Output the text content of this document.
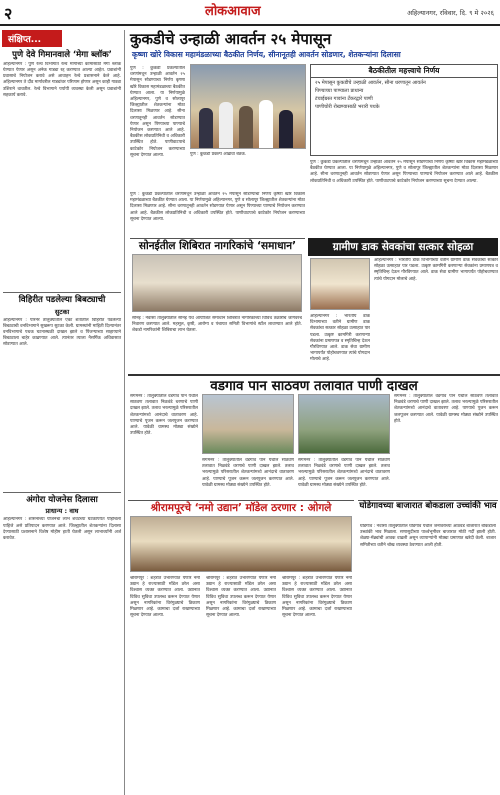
२	लोकआवाज	अहिल्यानगर, रविवार, दि. ९ मे २०२६
संक्षिप्त...
पुणे देवे गिमानवाले ‘मेगा ब्लॉक’
अहिल्यानगर : पुणे रेल्वे विभागात रेल्वे मार्गाच्या कामासाठी मेगा ब्लॉक घेण्यात येणार असून अनेक गाड्या रद्द करण्यात आल्या आहेत. प्रवाशांनी प्रवासाचे नियोजन करावे असे आवाहन रेल्वे प्रशासनाने केले आहे. अहिल्यानगर ते दौंड मार्गावरील गाड्यांवर परिणाम होणार असून काही गाड्या उशिराने धावतील. रेल्वे विभागाने पर्यायी व्यवस्था केली असून प्रवाशांनी सहकार्य करावे.
विहिरीत पडलेल्या बिबट्याची
सुटका
अहिल्यानगर : पारनेर तालुक्यातील एका शेतातील विहिरीत पडलेल्या बिबट्याची वनविभागाने सुखरूप सुटका केली. ग्रामस्थांनी माहिती दिल्यानंतर वनविभागाचे पथक घटनास्थळी दाखल झाले व पिंजऱ्याच्या साहाय्याने बिबट्याला बाहेर काढण्यात आले. त्यानंतर त्याला नैसर्गिक अधिवासात सोडण्यात आले.
अंगोरा योजनेस दिलासा
प्राधान्य : वाघ
अहिल्यानगर : शासनाच्या योजनेचा लाभ शेवटच्या घटकापर्यंत पोहोचला पाहिजे असे प्रतिपादन करण्यात आले. जिल्ह्यातील शेतकऱ्यांना दिलासा देण्यासाठी प्रशासनाने विशेष मोहीम हाती घेतली असून लाभार्थ्यांनी अर्ज करावेत.
कुकडीचे उन्हाळी आवर्तन २५ मेपासून
कृष्णा खोरे विकास महामंडळाच्या बैठकीत निर्णय, सीनानूतही आवर्तन सोडणार, शेतकऱ्यांना दिलासा
पुणे : कुकडी प्रकल्पातील धरणांमधून उन्हाळी आवर्तन २५ मेपासून सोडण्याचा निर्णय कृष्णा खोरे विकास महामंडळाच्या बैठकीत घेण्यात आला. या निर्णयामुळे अहिल्यानगर, पुणे व सोलापूर जिल्ह्यातील शेतकऱ्यांना मोठा दिलासा मिळणार आहे. सीना धरणातूनही आवर्तन सोडण्यात येणार असून पिण्याच्या पाण्याचे नियोजन करण्यात आले आहे. बैठकीस लोकप्रतिनिधी व अधिकारी उपस्थित होते. पाणीवाटपाचे काटेकोर नियोजन करण्याच्या सूचना देण्यात आल्या.	पुणे : कुकडी प्रकल्प आढावा बैठक.
पुणे : कुकडी प्रकल्पातील धरणांमधून उन्हाळी आवर्तन २५ मेपासून सोडण्याचा निर्णय कृष्णा खोरे विकास महामंडळाच्या बैठकीत घेण्यात आला. या निर्णयामुळे अहिल्यानगर, पुणे व सोलापूर जिल्ह्यातील शेतकऱ्यांना मोठा दिलासा मिळणार आहे. सीना धरणातूनही आवर्तन सोडण्यात येणार असून पिण्याच्या पाण्याचे नियोजन करण्यात आले आहे. बैठकीस लोकप्रतिनिधी व अधिकारी उपस्थित होते. पाणीवाटपाचे काटेकोर नियोजन करण्याच्या सूचना देण्यात आल्या.
बैठकीतील महत्त्वाचे निर्णय
२५ मेपासून कुकडीचे उन्हाळी आवर्तन, सीना धरणातून आवर्तन
पिण्याच्या पाण्याला प्राधान्य
टंचाईग्रस्त गावांना टँकरद्वारे पाणी
पाणीचोरी रोखण्यासाठी भरारी पथके
पुणे : कुकडी प्रकल्पातील धरणांमधून उन्हाळी आवर्तन २५ मेपासून सोडण्याचा निर्णय कृष्णा खोरे विकास महामंडळाच्या बैठकीत घेण्यात आला. या निर्णयामुळे अहिल्यानगर, पुणे व सोलापूर जिल्ह्यातील शेतकऱ्यांना मोठा दिलासा मिळणार आहे. सीना धरणातूनही आवर्तन सोडण्यात येणार असून पिण्याच्या पाण्याचे नियोजन करण्यात आले आहे. बैठकीस लोकप्रतिनिधी व अधिकारी उपस्थित होते. पाणीवाटपाचे काटेकोर नियोजन करण्याच्या सूचना देण्यात आल्या.
सोनईतील शिबिरात नागरिकांचे ‘समाधान’
सोनई : नेवासा तालुक्यातील सोनई येथे आयोजित समाधान शिबिरात नागरिकांच्या विविध तक्रारींचे जागेवरच निवारण करण्यात आले. महसूल, कृषी, आरोग्य व पंचायत समिती विभागांचे स्टॉल लावण्यात आले होते. शेकडो नागरिकांनी शिबिराचा लाभ घेतला.
ग्रामीण डाक सेवकांचा सत्कार सोहळा
अहिल्यानगर : भारतीय डाक विभागाच्या वतीने ग्रामीण डाक सेवकांचा सत्कार सोहळा उत्साहात पार पडला. उत्कृष्ट कामगिरी करणाऱ्या सेवकांना प्रमाणपत्र व स्मृतिचिन्ह देऊन गौरविण्यात आले. डाक सेवा ग्रामीण भागापर्यंत पोहोचवण्यात त्यांचे योगदान मोलाचे आहे.
अहिल्यानगर : भारतीय डाक विभागाच्या वतीने ग्रामीण डाक सेवकांचा सत्कार सोहळा उत्साहात पार पडला. उत्कृष्ट कामगिरी करणाऱ्या सेवकांना प्रमाणपत्र व स्मृतिचिन्ह देऊन गौरविण्यात आले. डाक सेवा ग्रामीण भागापर्यंत पोहोचवण्यात त्यांचे योगदान मोलाचे आहे.
वडगाव पान साठवण तलावात पाणी दाखल
संगमनेर : तालुक्यातील वडगाव पान येथील साठवण तलावात निळवंडे धरणाचे पाणी दाखल झाले. तलाव भरल्यामुळे परिसरातील शेतकऱ्यांमध्ये आनंदाचे वातावरण आहे. पाण्याचे पूजन करून जलपूजन करण्यात आले. यावेळी ग्रामस्थ मोठ्या संख्येने उपस्थित होते.
संगमनेर : तालुक्यातील वडगाव पान येथील साठवण तलावात निळवंडे धरणाचे पाणी दाखल झाले. तलाव भरल्यामुळे परिसरातील शेतकऱ्यांमध्ये आनंदाचे वातावरण आहे. पाण्याचे पूजन करून जलपूजन करण्यात आले. यावेळी ग्रामस्थ मोठ्या संख्येने उपस्थित होते.
संगमनेर : तालुक्यातील वडगाव पान येथील साठवण तलावात निळवंडे धरणाचे पाणी दाखल झाले. तलाव भरल्यामुळे परिसरातील शेतकऱ्यांमध्ये आनंदाचे वातावरण आहे. पाण्याचे पूजन करून जलपूजन करण्यात आले. यावेळी ग्रामस्थ मोठ्या संख्येने उपस्थित होते.
संगमनेर : तालुक्यातील वडगाव पान येथील साठवण तलावात निळवंडे धरणाचे पाणी दाखल झाले. तलाव भरल्यामुळे परिसरातील शेतकऱ्यांमध्ये आनंदाचे वातावरण आहे. पाण्याचे पूजन करून जलपूजन करण्यात आले. यावेळी ग्रामस्थ मोठ्या संख्येने उपस्थित होते.
श्रीरामपूरचे ‘नमो उद्यान’ मॉडेल ठरणार : ओगले
श्रीरामपूर : शहरात उभारण्यात येणारे नमो उद्यान हे राज्यासाठी मॉडेल ठरेल असा विश्वास व्यक्त करण्यात आला. उद्यानात विविध सुविधा उपलब्ध करून देण्यात येणार असून नागरिकांना विरंगुळ्याचे ठिकाण मिळणार आहे. कामाचा दर्जा राखण्याच्या सूचना देण्यात आल्या.
श्रीरामपूर : शहरात उभारण्यात येणारे नमो उद्यान हे राज्यासाठी मॉडेल ठरेल असा विश्वास व्यक्त करण्यात आला. उद्यानात विविध सुविधा उपलब्ध करून देण्यात येणार असून नागरिकांना विरंगुळ्याचे ठिकाण मिळणार आहे. कामाचा दर्जा राखण्याच्या सूचना देण्यात आल्या.
श्रीरामपूर : शहरात उभारण्यात येणारे नमो उद्यान हे राज्यासाठी मॉडेल ठरेल असा विश्वास व्यक्त करण्यात आला. उद्यानात विविध सुविधा उपलब्ध करून देण्यात येणार असून नागरिकांना विरंगुळ्याचे ठिकाण मिळणार आहे. कामाचा दर्जा राखण्याच्या सूचना देण्यात आल्या.
घोडेगावच्या बाजारात बोकडाला उच्चांकी भाव
घोडेगाव : नेवासा तालुक्यातील घोडेगाव येथील जनावरांच्या आठवडे बाजारात बोकडाला उच्चांकी भाव मिळाला. सणासुदीच्या पार्श्वभूमीवर बाजारात मोठी गर्दी झाली होती. शेळ्या-मेंढ्यांची आवक वाढली असून व्यापाऱ्यांनी मोठ्या प्रमाणात खरेदी केली. बाजार समितीच्या वतीने चोख व्यवस्था ठेवण्यात आली होती.
